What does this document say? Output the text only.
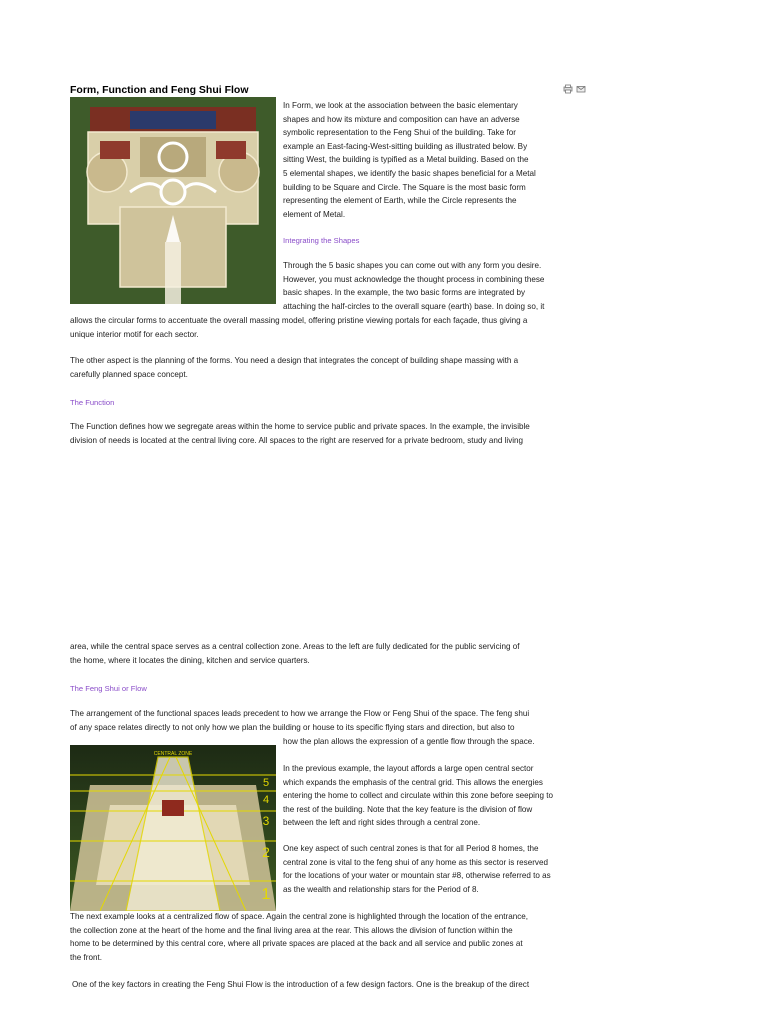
Form, Function and Feng Shui Flow
In Form, we look at the association between the basic elementary
shapes and how its mixture and composition can have an adverse
symbolic representation to the Feng Shui of the building. Take for
example an East-facing-West-sitting building as illustrated below. By
sitting West, the building is typified as a Metal building. Based on the
5 elemental shapes, we identify the basic shapes beneficial for a Metal
building to be Square and Circle. The Square is the most basic form
representing the element of Earth, while the Circle represents the
element of Metal.
Integrating the Shapes
Through the 5 basic shapes you can come out with any form you desire.
However, you must acknowledge the thought process in combining these
basic shapes. In the example, the two basic forms are integrated by
attaching the half-circles to the overall square (earth) base. In doing so, it
allows the circular forms to accentuate the overall massing model, offering pristine viewing portals for each façade, thus giving a
unique interior motif for each sector.
The other aspect is the planning of the forms. You need a design that integrates the concept of building shape massing with a
carefully planned space concept.
The Function
The Function defines how we segregate areas within the home to service public and private spaces. In the example, the invisible
division of needs is located at the central living core. All spaces to the right are reserved for a private bedroom, study and living
area, while the central space serves as a central collection zone. Areas to the left are fully dedicated for the public servicing of
the home, where it locates the dining, kitchen and service quarters.
The Feng Shui or Flow
The arrangement of the functional spaces leads precedent to how we arrange the Flow or Feng Shui of the space. The feng shui
of any space relates directly to not only how we plan the building or house to its specific flying stars and direction, but also to
how the plan allows the expression of a gentle flow through the space.
CENTRAL ZONE
5
4
3
2
1
In the previous example, the layout affords a large open central sector
which expands the emphasis of the central grid. This allows the energies
entering the home to collect and circulate within this zone before seeping to
the rest of the building. Note that the key feature is the division of flow
between the left and right sides through a central zone.
One key aspect of such central zones is that for all Period 8 homes, the
central zone is vital to the feng shui of any home as this sector is reserved
for the locations of your water or mountain star #8, otherwise referred to as
as the wealth and relationship stars for the Period of 8.
The next example looks at a centralized flow of space. Again the central zone is highlighted through the location of the entrance,
the collection zone at the heart of the home and the final living area at the rear. This allows the division of function within the
home to be determined by this central core, where all private spaces are placed at the back and all service and public zones at
the front.
One of the key factors in creating the Feng Shui Flow is the introduction of a few design factors. One is the breakup of the direct
